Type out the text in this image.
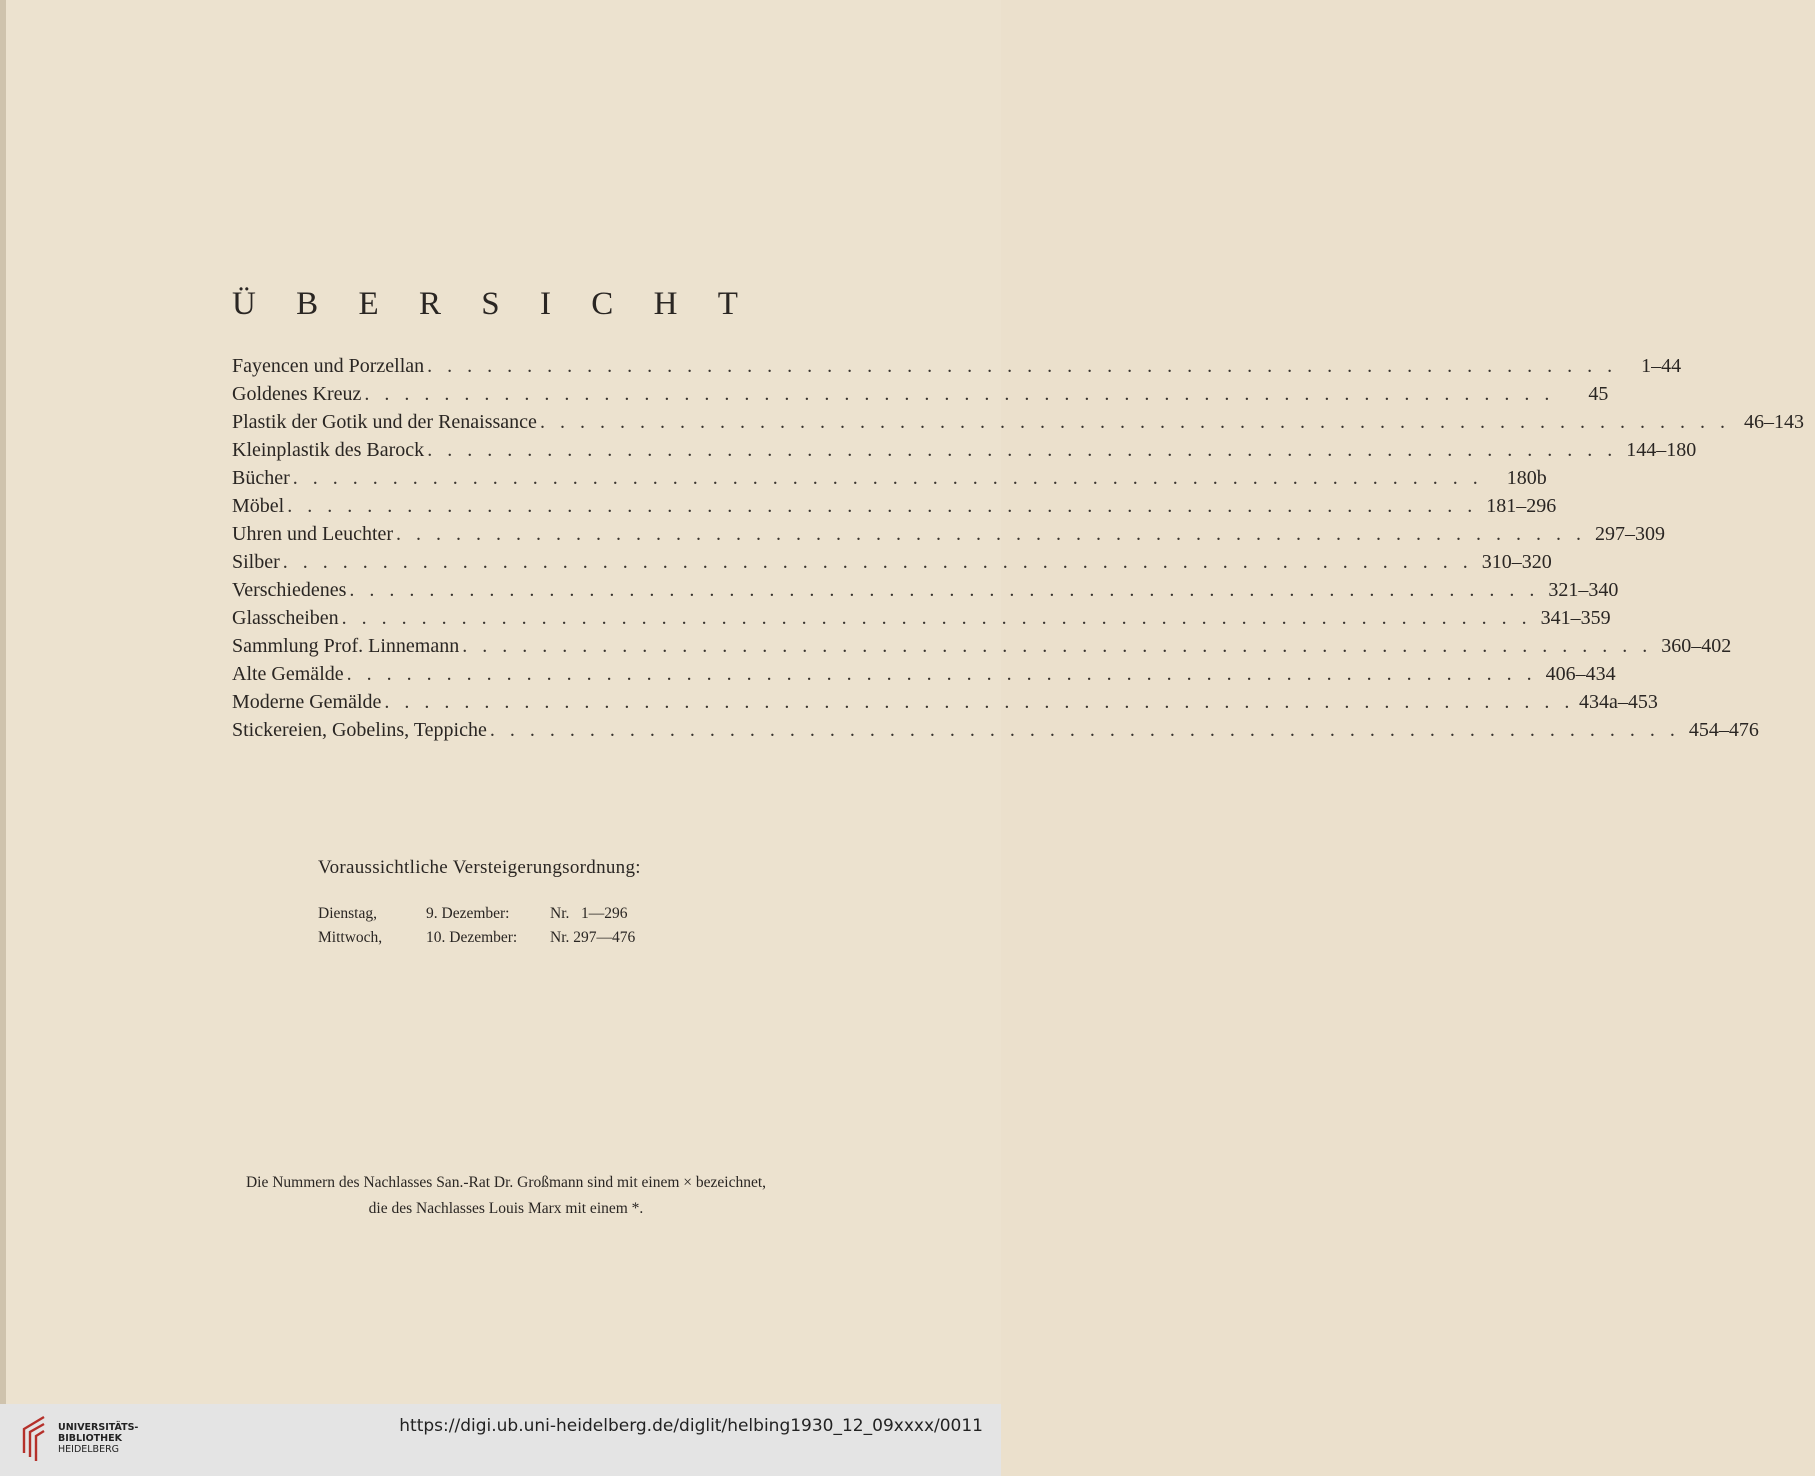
Ü B E R S I C H T
Fayencen und Porzellan . . . . . . . . . . . . . . . . . . . . . . . . . . . . . . . . . . . . . . . . . . . . . . . . . . . . . . . . . . . .	1–44
Goldenes Kreuz . . . . . . . . . . . . . . . . . . . . . . . . . . . . . . . . . . . . . . . . . . . . . . . . . . . . . . . . . . . .	45
Plastik der Gotik und der Renaissance . . . . . . . . . . . . . . . . . . . . . . . . . . . . . . . . . . . . . . . . . . . . . . . . . . . . . . . . . . . . 46–143
Kleinplastik des Barock . . . . . . . . . . . . . . . . . . . . . . . . . . . . . . . . . . . . . . . . . . . . . . . . . . . . . . . . . . . . 144–180
Bücher . . . . . . . . . . . . . . . . . . . . . . . . . . . . . . . . . . . . . . . . . . . . . . . . . . . . . . . . . . . .	180b
Möbel . . . . . . . . . . . . . . . . . . . . . . . . . . . . . . . . . . . . . . . . . . . . . . . . . . . . . . . . . . . . 181–296
Uhren und Leuchter . . . . . . . . . . . . . . . . . . . . . . . . . . . . . . . . . . . . . . . . . . . . . . . . . . . . . . . . . . . . 297–309
Silber . . . . . . . . . . . . . . . . . . . . . . . . . . . . . . . . . . . . . . . . . . . . . . . . . . . . . . . . . . . . 310–320
Verschiedenes . . . . . . . . . . . . . . . . . . . . . . . . . . . . . . . . . . . . . . . . . . . . . . . . . . . . . . . . . . . . 321–340
Glasscheiben . . . . . . . . . . . . . . . . . . . . . . . . . . . . . . . . . . . . . . . . . . . . . . . . . . . . . . . . . . . . 341–359
Sammlung Prof. Linnemann . . . . . . . . . . . . . . . . . . . . . . . . . . . . . . . . . . . . . . . . . . . . . . . . . . . . . . . . . . . . 360–402
Alte Gemälde . . . . . . . . . . . . . . . . . . . . . . . . . . . . . . . . . . . . . . . . . . . . . . . . . . . . . . . . . . . . 406–434
Moderne Gemälde . . . . . . . . . . . . . . . . . . . . . . . . . . . . . . . . . . . . . . . . . . . . . . . . . . . . . . . . . . . . 434a–453
Stickereien, Gobelins, Teppiche . . . . . . . . . . . . . . . . . . . . . . . . . . . . . . . . . . . . . . . . . . . . . . . . . . . . . . . . . . . . 454–476
Voraussichtliche Versteigerungsordnung:
Dienstag,	9. Dezember:	Nr.   1—296
Mittwoch,	10. Dezember:	Nr. 297—476
Die Nummern des Nachlasses San.-Rat Dr. Großmann sind mit einem × bezeichnet,
die des Nachlasses Louis Marx mit einem *.
UNIVERSITÄTS-
BIBLIOTHEK
HEIDELBERG
https://digi.ub.uni-heidelberg.de/diglit/helbing1930_12_09xxxx/0011
